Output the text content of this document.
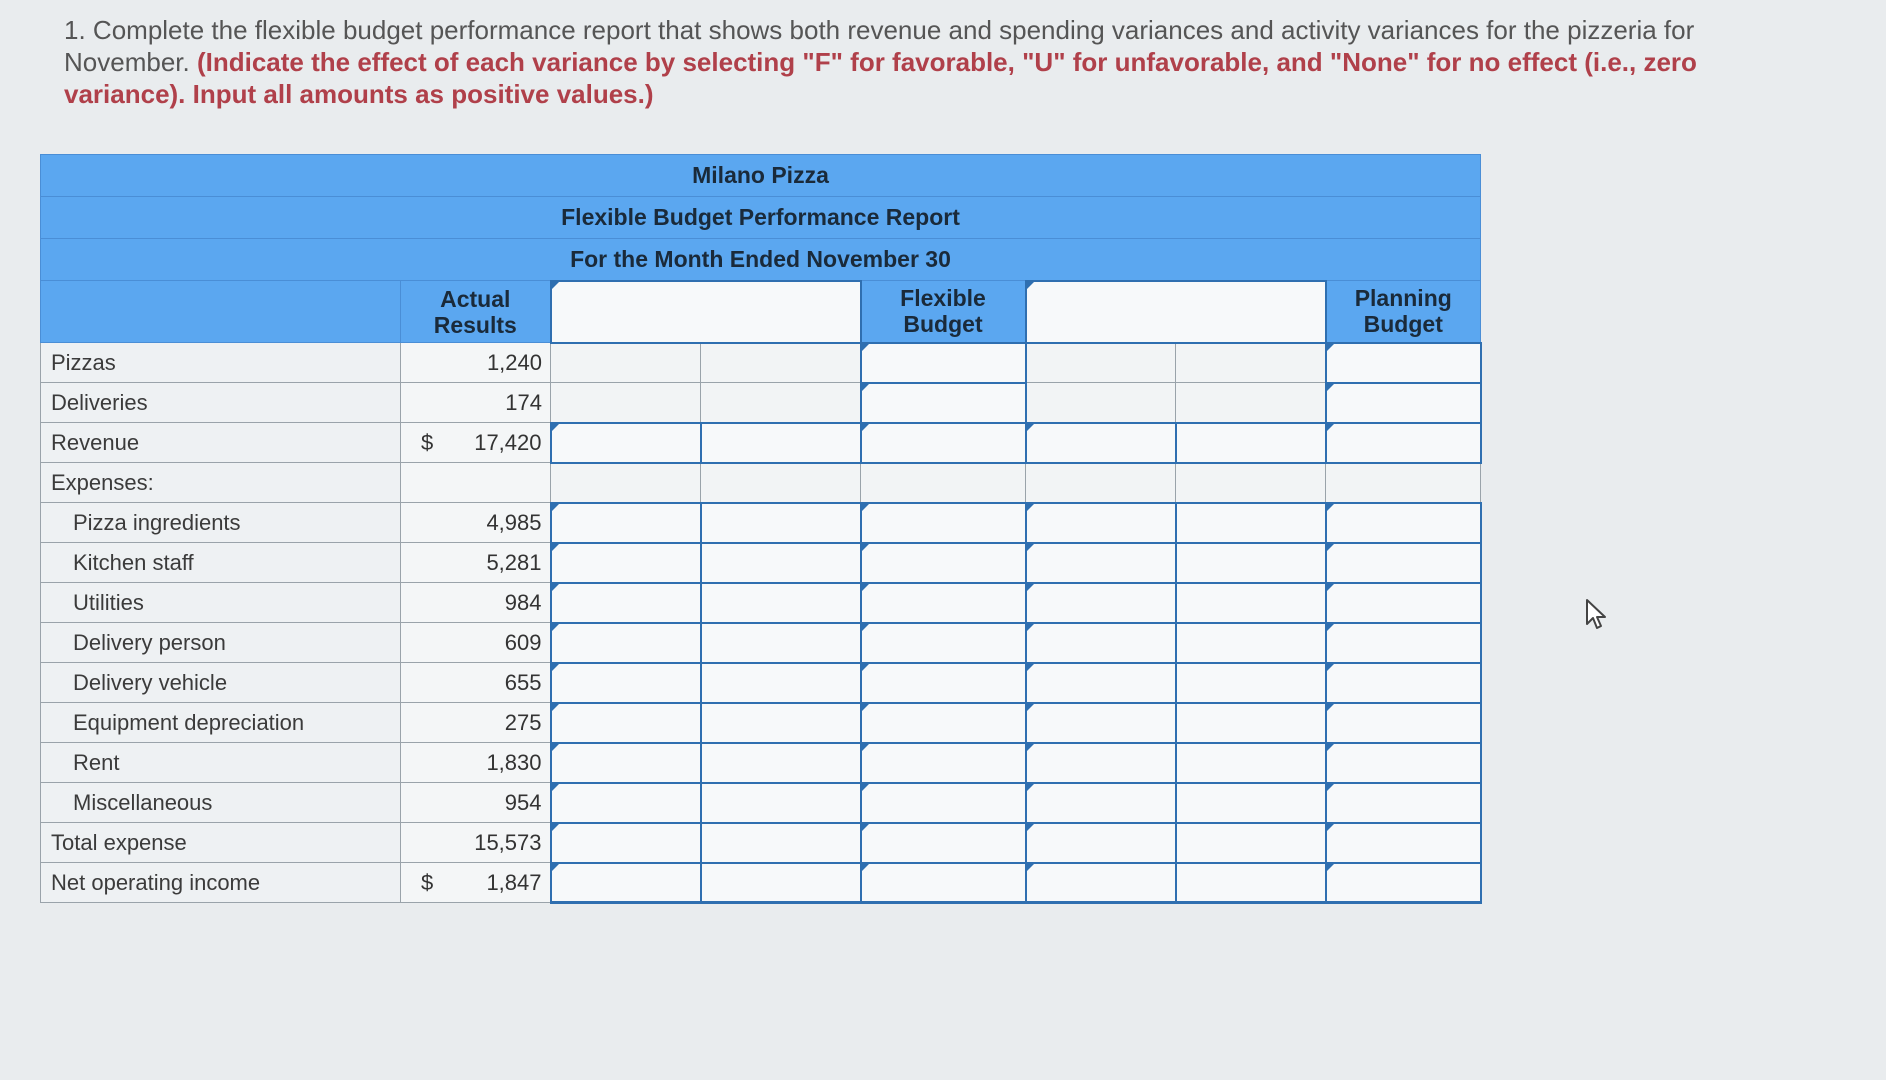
1. Complete the flexible budget performance report that shows both revenue and spending variances and activity variances for the pizzeria for November. (Indicate the effect of each variance by selecting "F" for favorable, "U" for unfavorable, and "None" for no effect (i.e., zero variance). Input all amounts as positive values.)
Milano Pizza							
Flexible Budget Performance Report							
For the Month Ended November 30							
	Actual Results			Flexible Budget			Planning Budget
Pizzas	1,240						
Deliveries	174						
Revenue	$ 17,420						
Expenses:	

Pizza ingredients	4,985						
Kitchen staff	5,281						
Utilities	984						
Delivery person	609						
Delivery vehicle	655						
Equipment depreciation	275						
Rent	1,830						
Miscellaneous	954						
Total expense	15,573						
Net operating income	$ 1,847						
